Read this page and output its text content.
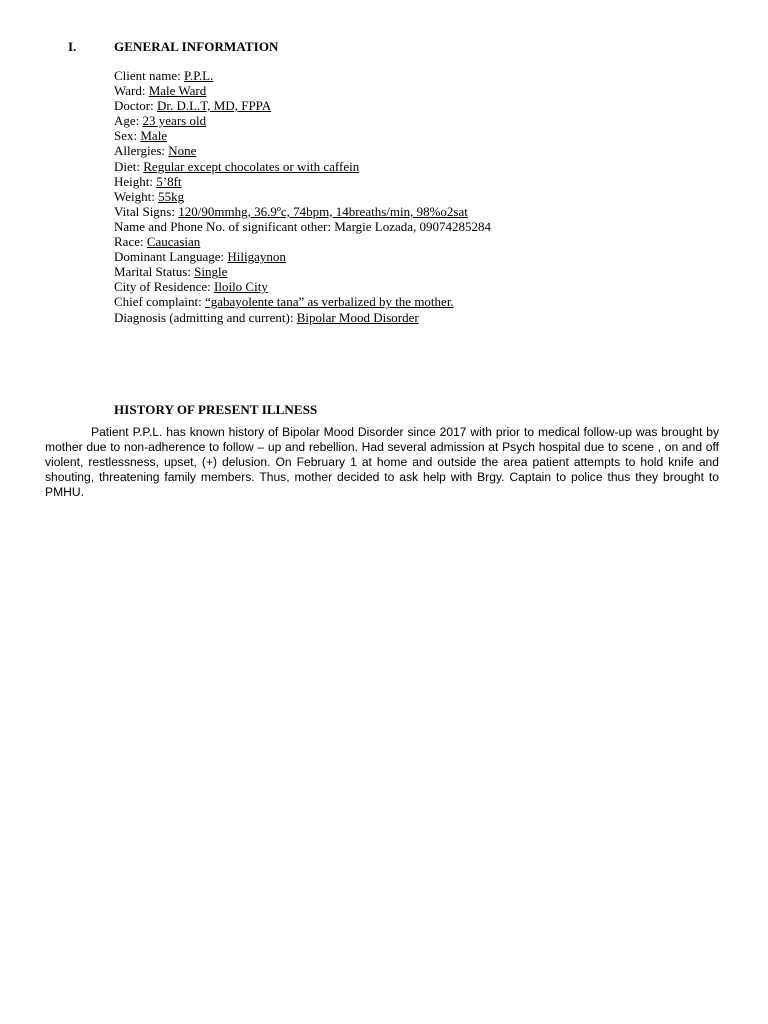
I.	GENERAL INFORMATION
Client name: P.P.L.
Ward: Male Ward
Doctor: Dr. D.L.T, MD, FPPA
Age: 23 years old
Sex: Male
Allergies: None
Diet: Regular except chocolates or with caffein
Height: 5’8ft
Weight: 55kg
Vital Signs: 120/90mmhg, 36.9ºc, 74bpm, 14breaths/min, 98%o2sat
Name and Phone No. of significant other: Margie Lozada, 09074285284
Race: Caucasian
Dominant Language: Hiligaynon
Marital Status: Single
City of Residence: Iloilo City
Chief complaint: “gabayolente tana” as verbalized by the mother.
Diagnosis (admitting and current): Bipolar Mood Disorder
HISTORY OF PRESENT ILLNESS

Patient P.P.L. has known history of Bipolar Mood Disorder since 2017 with prior to medical follow-up was brought by mother due to non-adherence to follow – up and rebellion. Had several admission at Psych hospital due to scene , on and off violent, restlessness, upset, (+) delusion. On February 1 at home and outside the area patient attempts to hold knife and shouting, threatening family members. Thus, mother decided to ask help with Brgy. Captain to police thus they brought to PMHU.
